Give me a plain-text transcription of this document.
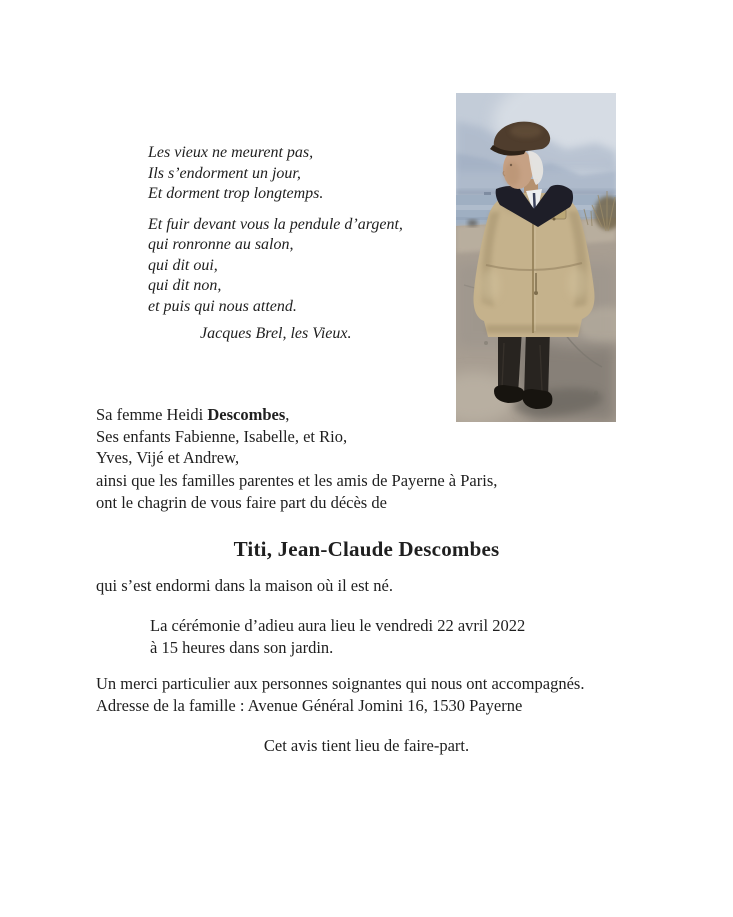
Les vieux ne meurent pas,
Ils s’endorment un jour,
Et dorment trop longtemps.
Et fuir devant vous la pendule d’argent,
qui ronronne au salon,
qui dit oui,
qui dit non,
et puis qui nous attend.
Jacques Brel, les Vieux.
Sa femme Heidi Descombes,
Ses enfants Fabienne, Isabelle, et Rio,
Yves, Vijé et Andrew,
ainsi que les familles parentes et les amis de Payerne à Paris,
ont le chagrin de vous faire part du décès de
Titi, Jean-Claude Descombes
qui s’est endormi dans la maison où il est né.
La cérémonie d’adieu aura lieu le vendredi 22 avril 2022
à 15 heures dans son jardin.
Un merci particulier aux personnes soignantes qui nous ont accompagnés.
Adresse de la famille : Avenue Général Jomini 16, 1530 Payerne
Cet avis tient lieu de faire-part.
